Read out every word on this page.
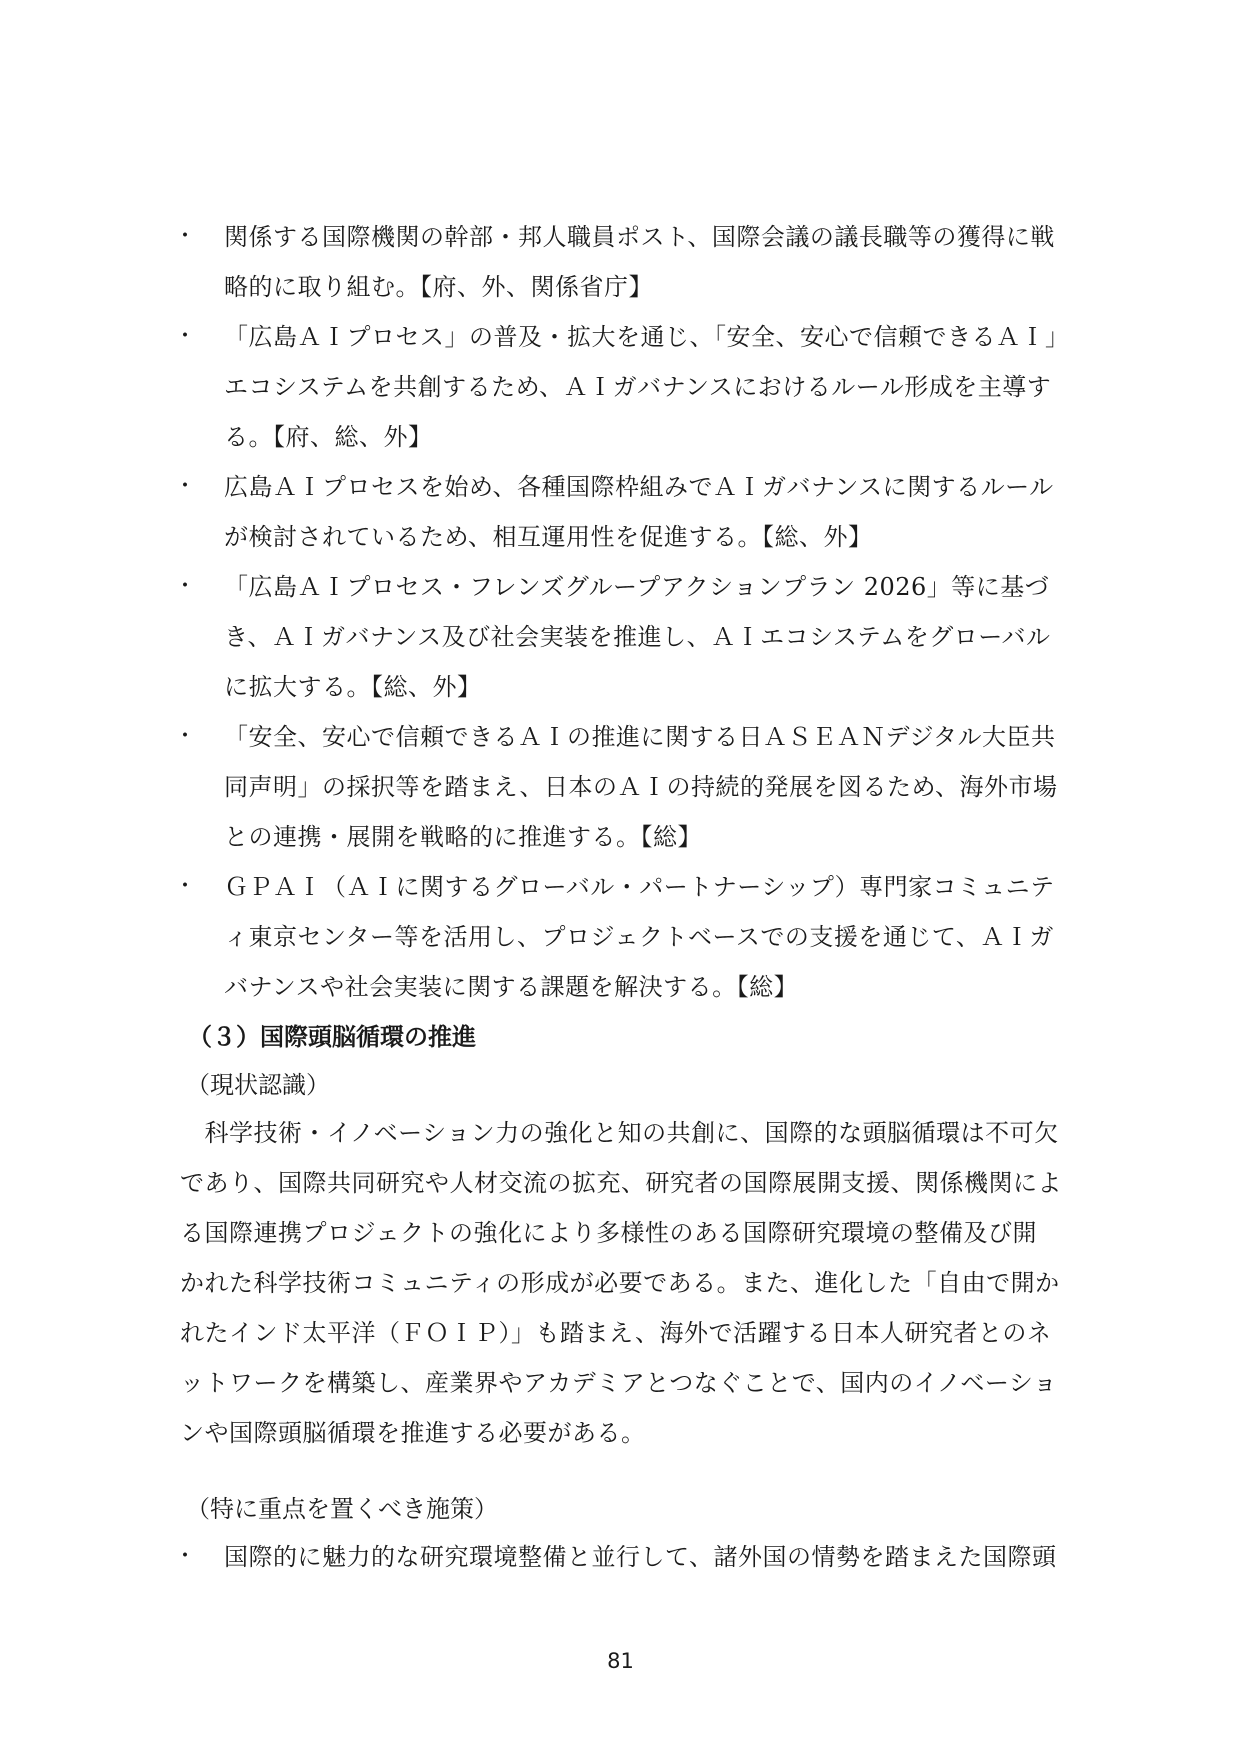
・ 関係する国際機関の幹部・邦人職員ポスト、国際会議の議長職等の獲得に戦
略的に取り組む。【府、外、関係省庁】
・ 「広島ＡＩプロセス」の普及・拡大を通じ、「安全、安心で信頼できるＡＩ」
エコシステムを共創するため、ＡＩガバナンスにおけるルール形成を主導す
る。【府、総、外】
・ 広島ＡＩプロセスを始め、各種国際枠組みでＡＩガバナンスに関するルール
が検討されているため、相互運用性を促進する。【総、外】
・ 「広島ＡＩプロセス・フレンズグループアクションプラン 2026」等に基づ
き、ＡＩガバナンス及び社会実装を推進し、ＡＩエコシステムをグローバル
に拡大する。【総、外】
・ 「安全、安心で信頼できるＡＩの推進に関する日ＡＳＥＡＮデジタル大臣共
同声明」の採択等を踏まえ、日本のＡＩの持続的発展を図るため、海外市場
との連携・展開を戦略的に推進する。【総】
・ ＧＰＡＩ（ＡＩに関するグローバル・パートナーシップ）専門家コミュニテ
ィ東京センター等を活用し、プロジェクトベースでの支援を通じて、ＡＩガ
バナンスや社会実装に関する課題を解決する。【総】
（３）国際頭脳循環の推進
（現状認識）
　科学技術・イノベーション力の強化と知の共創に、国際的な頭脳循環は不可欠
であり、国際共同研究や人材交流の拡充、研究者の国際展開支援、関係機関によ
る国際連携プロジェクトの強化により多様性のある国際研究環境の整備及び開
かれた科学技術コミュニティの形成が必要である。また、進化した「自由で開か
れたインド太平洋（ＦＯＩＰ）」も踏まえ、海外で活躍する日本人研究者とのネ
ットワークを構築し、産業界やアカデミアとつなぐことで、国内のイノベーショ
ンや国際頭脳循環を推進する必要がある。
（特に重点を置くべき施策）
・ 国際的に魅力的な研究環境整備と並行して、諸外国の情勢を踏まえた国際頭
81
